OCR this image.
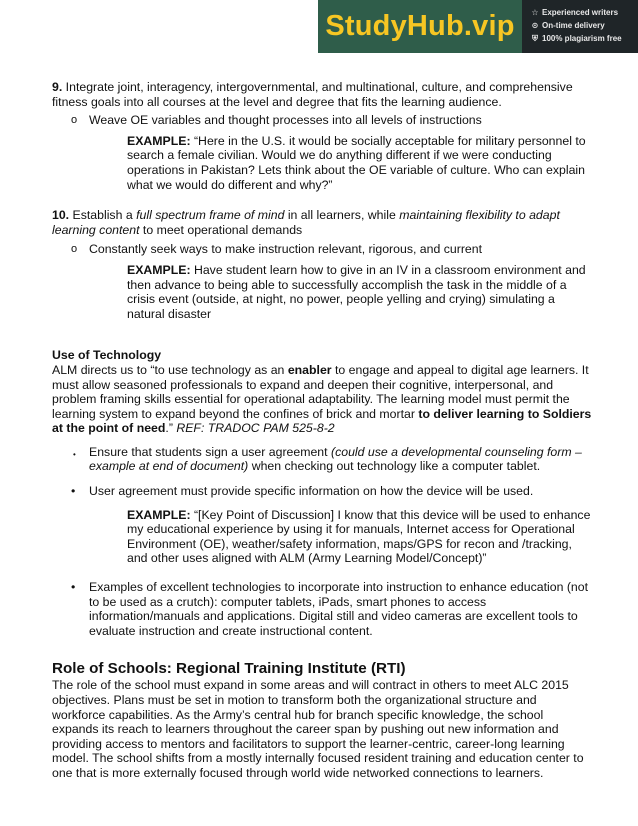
StudyHub.vip ☆ Experienced writers
⊙ On-time delivery
⛨ 100% plagiarism free

9. Integrate joint, interagency, intergovernmental, and multinational, culture, and comprehensive fitness goals into all courses at the level and degree that fits the learning audience.

o Weave OE variables and thought processes into all levels of instructions

EXAMPLE: “Here in the U.S. it would be socially acceptable for military personnel to search a female civilian. Would we do anything different if we were conducting operations in Pakistan? Lets think about the OE variable of culture. Who can explain what we would do different and why?”

10. Establish a full spectrum frame of mind in all learners, while maintaining flexibility to adapt learning content to meet operational demands

o Constantly seek ways to make instruction relevant, rigorous, and current

EXAMPLE: Have student learn how to give in an IV in a classroom environment and then advance to being able to successfully accomplish the task in the middle of a crisis event (outside, at night, no power, people yelling and crying) simulating a natural disaster

Use of Technology

ALM directs us to “to use technology as an enabler to engage and appeal to digital age learners. It must allow seasoned professionals to expand and deepen their cognitive, interpersonal, and problem framing skills essential for operational adaptability. The learning model must permit the learning system to expand beyond the confines of brick and mortar to deliver learning to Soldiers at the point of need.” REF: TRADOC PAM 525-8-2

• Ensure that students sign a user agreement (could use a developmental counseling form – example at end of document) when checking out technology like a computer tablet.
• User agreement must provide specific information on how the device will be used.

EXAMPLE: “[Key Point of Discussion] I know that this device will be used to enhance my educational experience by using it for manuals, Internet access for Operational Environment (OE), weather/safety information, maps/GPS for recon and /tracking, and other uses aligned with ALM (Army Learning Model/Concept)”

• Examples of excellent technologies to incorporate into instruction to enhance education (not to be used as a crutch): computer tablets, iPads, smart phones to access information/manuals and applications. Digital still and video cameras are excellent tools to evaluate instruction and create instructional content.

Role of Schools: Regional Training Institute (RTI)

The role of the school must expand in some areas and will contract in others to meet ALC 2015 objectives. Plans must be set in motion to transform both the organizational structure and workforce capabilities. As the Army’s central hub for branch specific knowledge, the school expands its reach to learners throughout the career span by pushing out new information and providing access to mentors and facilitators to support the learner-centric, career-long learning model. The school shifts from a mostly internally focused resident training and education center to one that is more externally focused through world wide networked connections to learners.
